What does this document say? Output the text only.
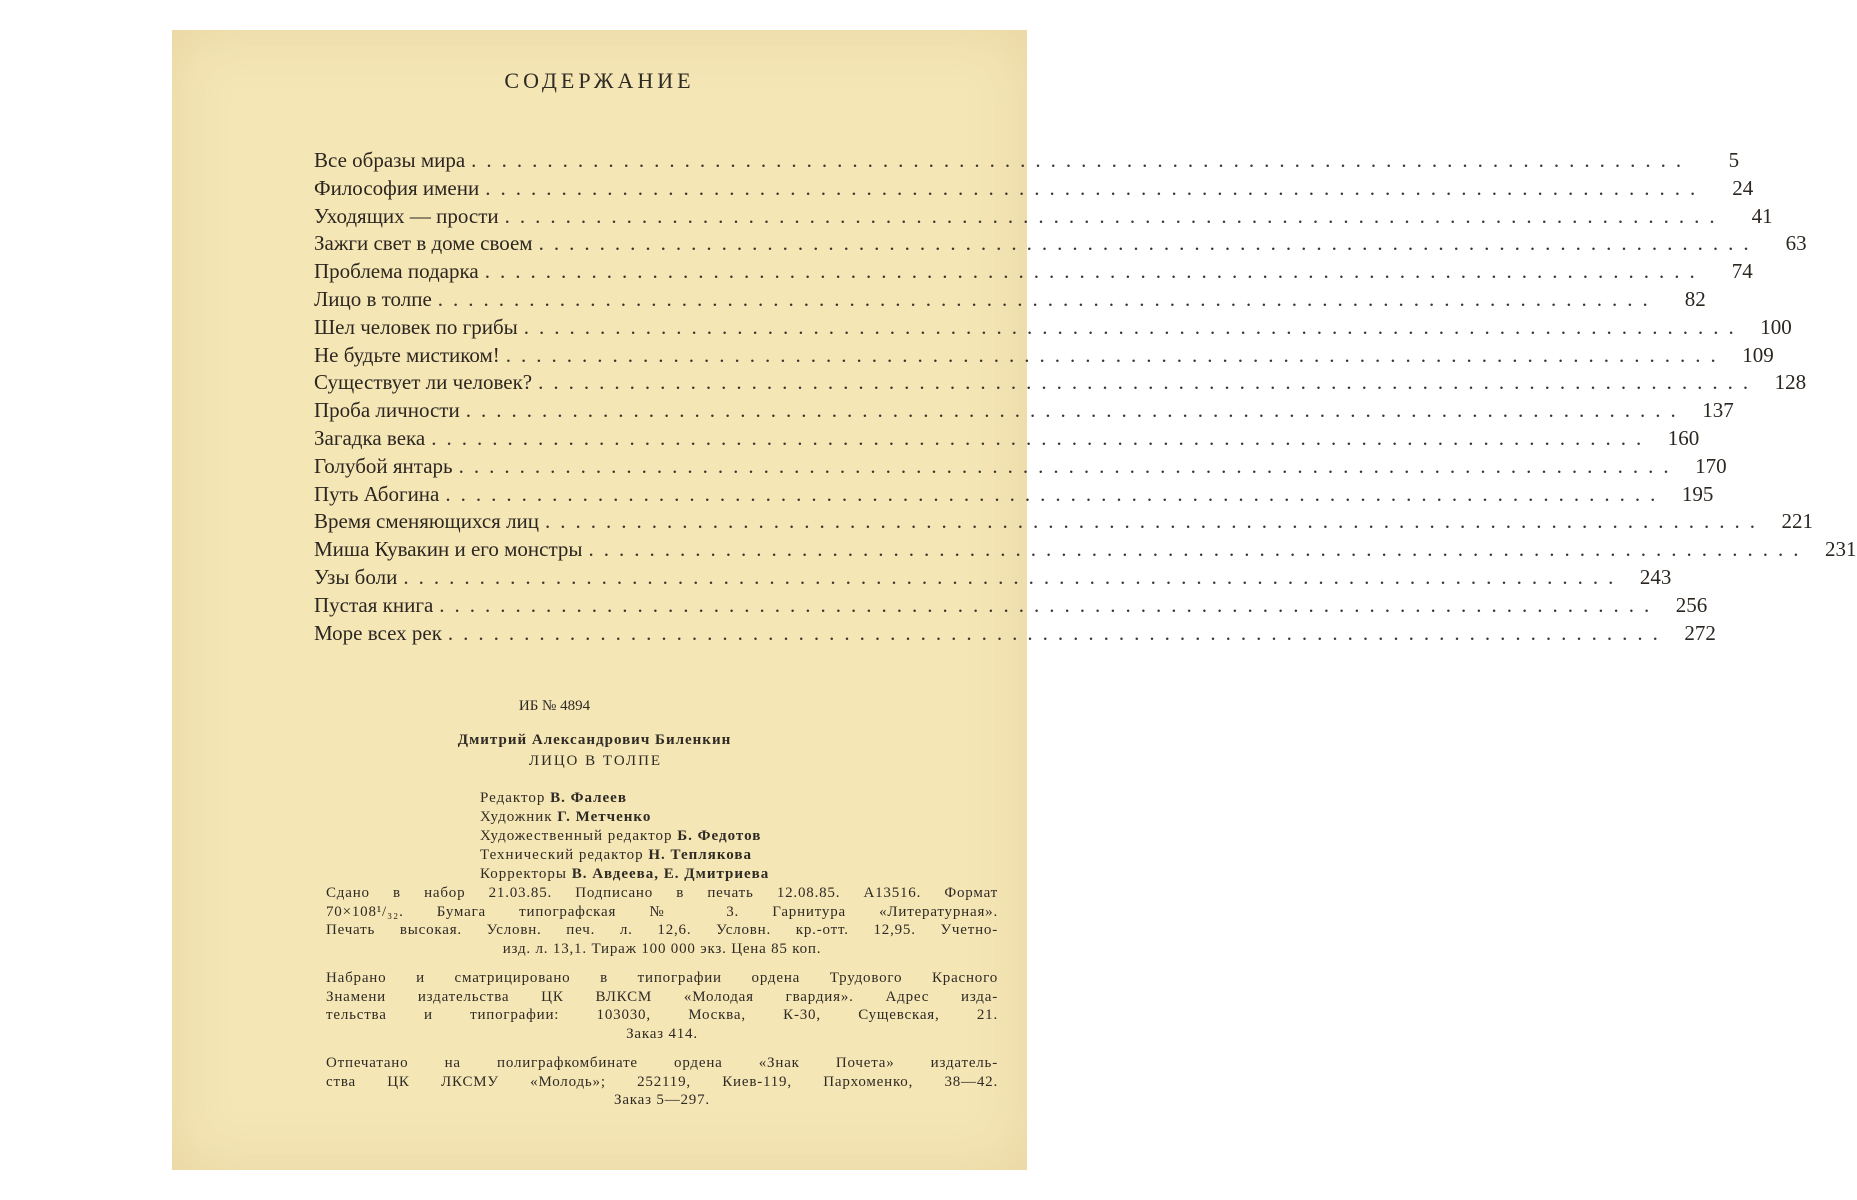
СОДЕРЖАНИЕ
Все образы мира ................................................................................	5
Философия имени ................................................................................	24
Уходящих — прости ................................................................................	41
Зажги свет в доме своем ................................................................................	63
Проблема подарка ................................................................................	74
Лицо в толпе ................................................................................	82
Шел человек по грибы ................................................................................ 100
Не будьте мистиком! ................................................................................ 109
Существует ли человек? ................................................................................ 128
Проба личности ................................................................................ 137
Загадка века ................................................................................ 160
Голубой янтарь ................................................................................ 170
Путь Абогина ................................................................................ 195
Время сменяющихся лиц ................................................................................ 221
Миша Кувакин и его монстры ................................................................................ 231
Узы боли ................................................................................ 243
Пустая книга ................................................................................ 256
Море всех рек ................................................................................ 272
ИБ № 4894
Дмитрий Александрович Биленкин
ЛИЦО В ТОЛПЕ
Редактор В. Фалеев
Художник Г. Метченко
Художественный редактор Б. Федотов
Технический редактор Н. Теплякова
Корректоры В. Авдеева, Е. Дмитриева
Сдано в набор 21.03.85. Подписано в печать 12.08.85. А13516. Формат
70×108¹/₃₂. Бумага типографская № 3. Гарнитура «Литературная».
Печать высокая. Условн. печ. л. 12,6. Условн. кр.-отт. 12,95. Учетно-
изд. л. 13,1. Тираж 100 000 экз. Цена 85 коп.
Набрано и сматрицировано в типографии ордена Трудового Красного
Знамени издательства ЦК ВЛКСМ «Молодая гвардия». Адрес изда-
тельства и типографии: 103030, Москва, К-30, Сущевская, 21.
Заказ 414.
Отпечатано на полиграфкомбинате ордена «Знак Почета» издатель-
ства ЦК ЛКСМУ «Молодь»; 252119, Киев-119, Пархоменко, 38—42.
Заказ 5—297.
